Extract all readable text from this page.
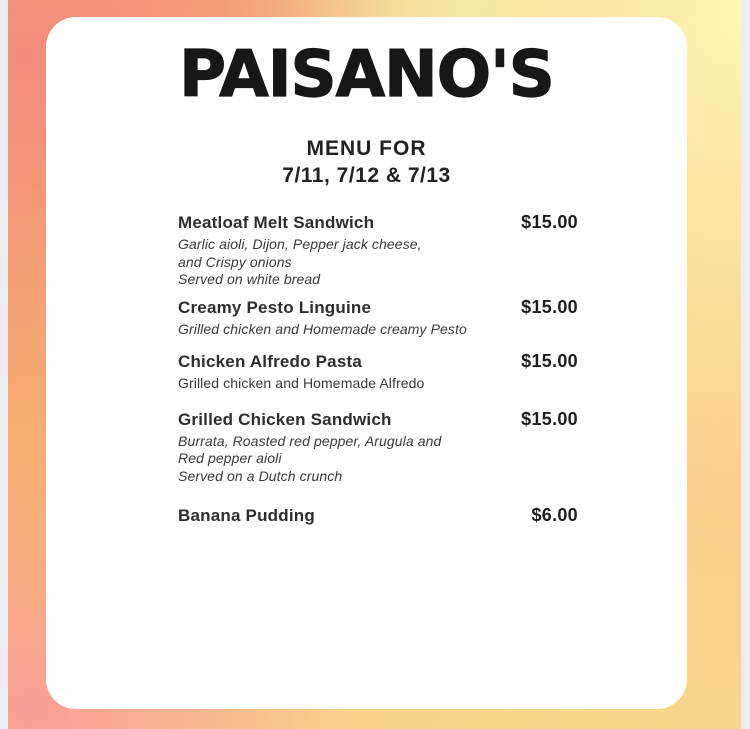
PAISANO'S
MENU FOR
7/11, 7/12 & 7/13
Meatloaf Melt Sandwich	$15.00
Garlic aioli, Dijon, Pepper jack cheese,
and Crispy onions
Served on white bread
Creamy Pesto Linguine	$15.00
Grilled chicken and Homemade creamy Pesto
Chicken Alfredo Pasta	$15.00
Grilled chicken and Homemade Alfredo
Grilled Chicken Sandwich	$15.00
Burrata, Roasted red pepper, Arugula and
Red pepper aioli
Served on a Dutch crunch
Banana Pudding	$6.00
